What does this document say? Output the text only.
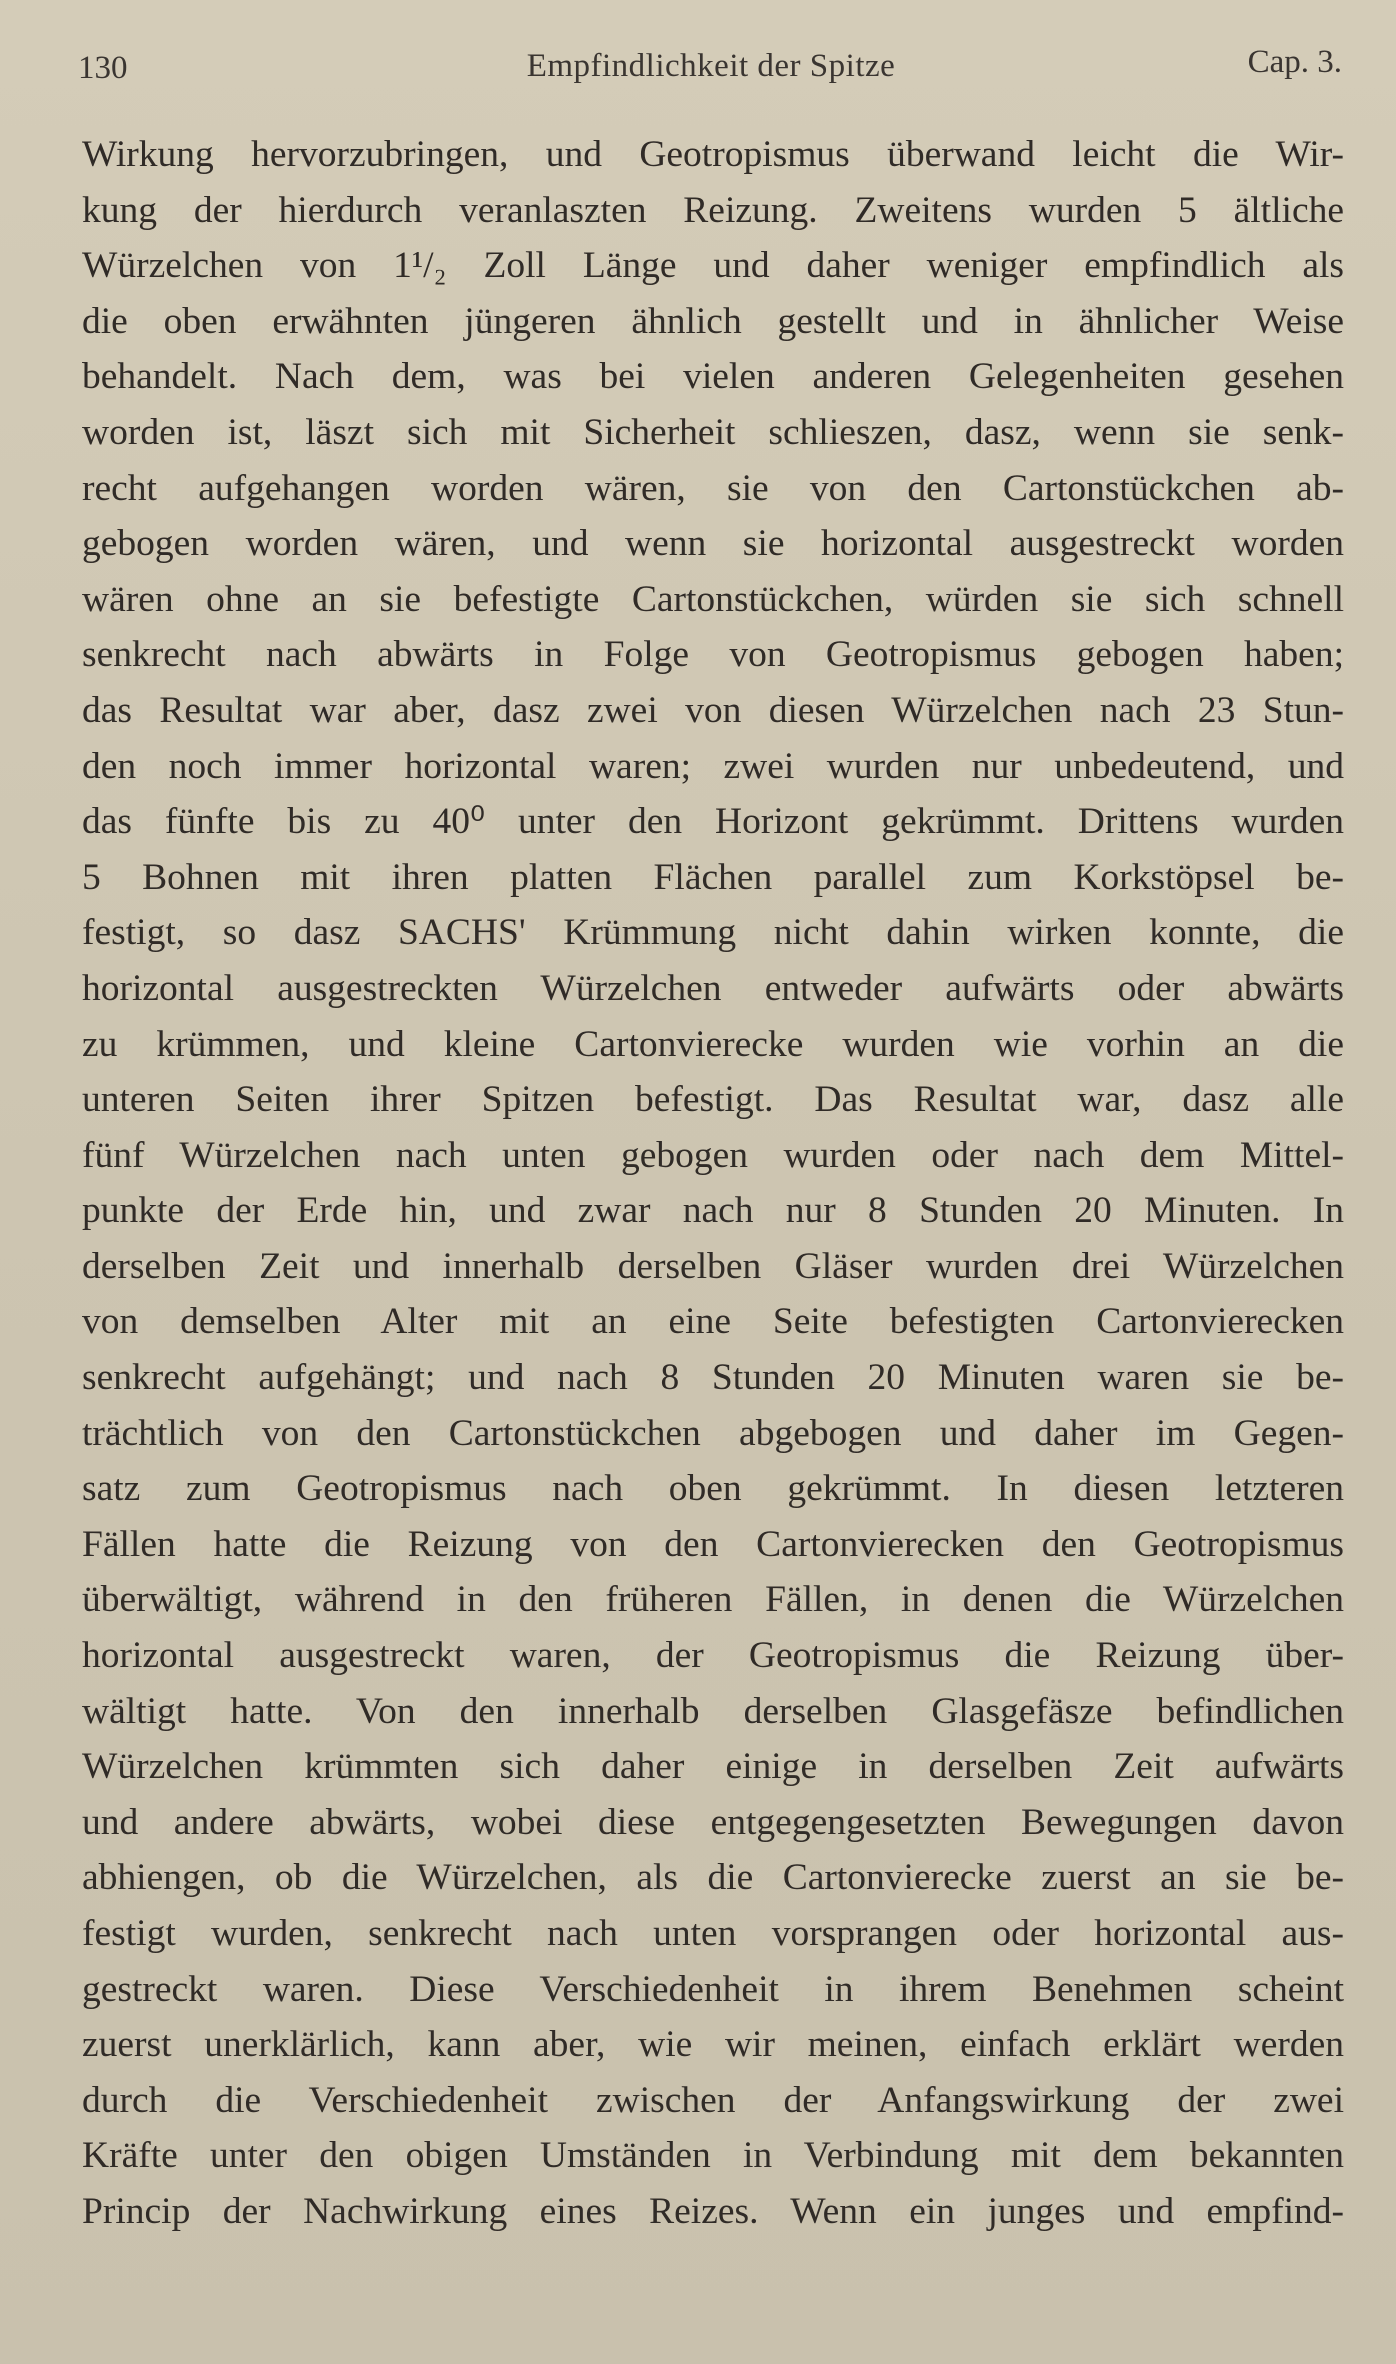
130	Empfindlichkeit der Spitze	Cap. 3.
Wirkung hervorzubringen, und Geotropismus überwand leicht die Wir-
kung der hierdurch veranlaszten Reizung. Zweitens wurden 5 ältliche
Würzelchen von 1¹/₂ Zoll Länge und daher weniger empfindlich als
die oben erwähnten jüngeren ähnlich gestellt und in ähnlicher Weise
behandelt. Nach dem, was bei vielen anderen Gelegenheiten gesehen
worden ist, läszt sich mit Sicherheit schlieszen, dasz, wenn sie senk-
recht aufgehangen worden wären, sie von den Cartonstückchen ab-
gebogen worden wären, und wenn sie horizontal ausgestreckt worden
wären ohne an sie befestigte Cartonstückchen, würden sie sich schnell
senkrecht nach abwärts in Folge von Geotropismus gebogen haben;
das Resultat war aber, dasz zwei von diesen Würzelchen nach 23 Stun-
den noch immer horizontal waren; zwei wurden nur unbedeutend, und
das fünfte bis zu 40⁰ unter den Horizont gekrümmt. Drittens wurden
5 Bohnen mit ihren platten Flächen parallel zum Korkstöpsel be-
festigt, so dasz SACHS' Krümmung nicht dahin wirken konnte, die
horizontal ausgestreckten Würzelchen entweder aufwärts oder abwärts
zu krümmen, und kleine Cartonvierecke wurden wie vorhin an die
unteren Seiten ihrer Spitzen befestigt. Das Resultat war, dasz alle
fünf Würzelchen nach unten gebogen wurden oder nach dem Mittel-
punkte der Erde hin, und zwar nach nur 8 Stunden 20 Minuten. In
derselben Zeit und innerhalb derselben Gläser wurden drei Würzelchen
von demselben Alter mit an eine Seite befestigten Cartonvierecken
senkrecht aufgehängt; und nach 8 Stunden 20 Minuten waren sie be-
trächtlich von den Cartonstückchen abgebogen und daher im Gegen-
satz zum Geotropismus nach oben gekrümmt. In diesen letzteren
Fällen hatte die Reizung von den Cartonvierecken den Geotropismus
überwältigt, während in den früheren Fällen, in denen die Würzelchen
horizontal ausgestreckt waren, der Geotropismus die Reizung über-
wältigt hatte. Von den innerhalb derselben Glasgefäsze befindlichen
Würzelchen krümmten sich daher einige in derselben Zeit aufwärts
und andere abwärts, wobei diese entgegengesetzten Bewegungen davon
abhiengen, ob die Würzelchen, als die Cartonvierecke zuerst an sie be-
festigt wurden, senkrecht nach unten vorsprangen oder horizontal aus-
gestreckt waren. Diese Verschiedenheit in ihrem Benehmen scheint
zuerst unerklärlich, kann aber, wie wir meinen, einfach erklärt werden
durch die Verschiedenheit zwischen der Anfangswirkung der zwei
Kräfte unter den obigen Umständen in Verbindung mit dem bekannten
Princip der Nachwirkung eines Reizes. Wenn ein junges und empfind-
